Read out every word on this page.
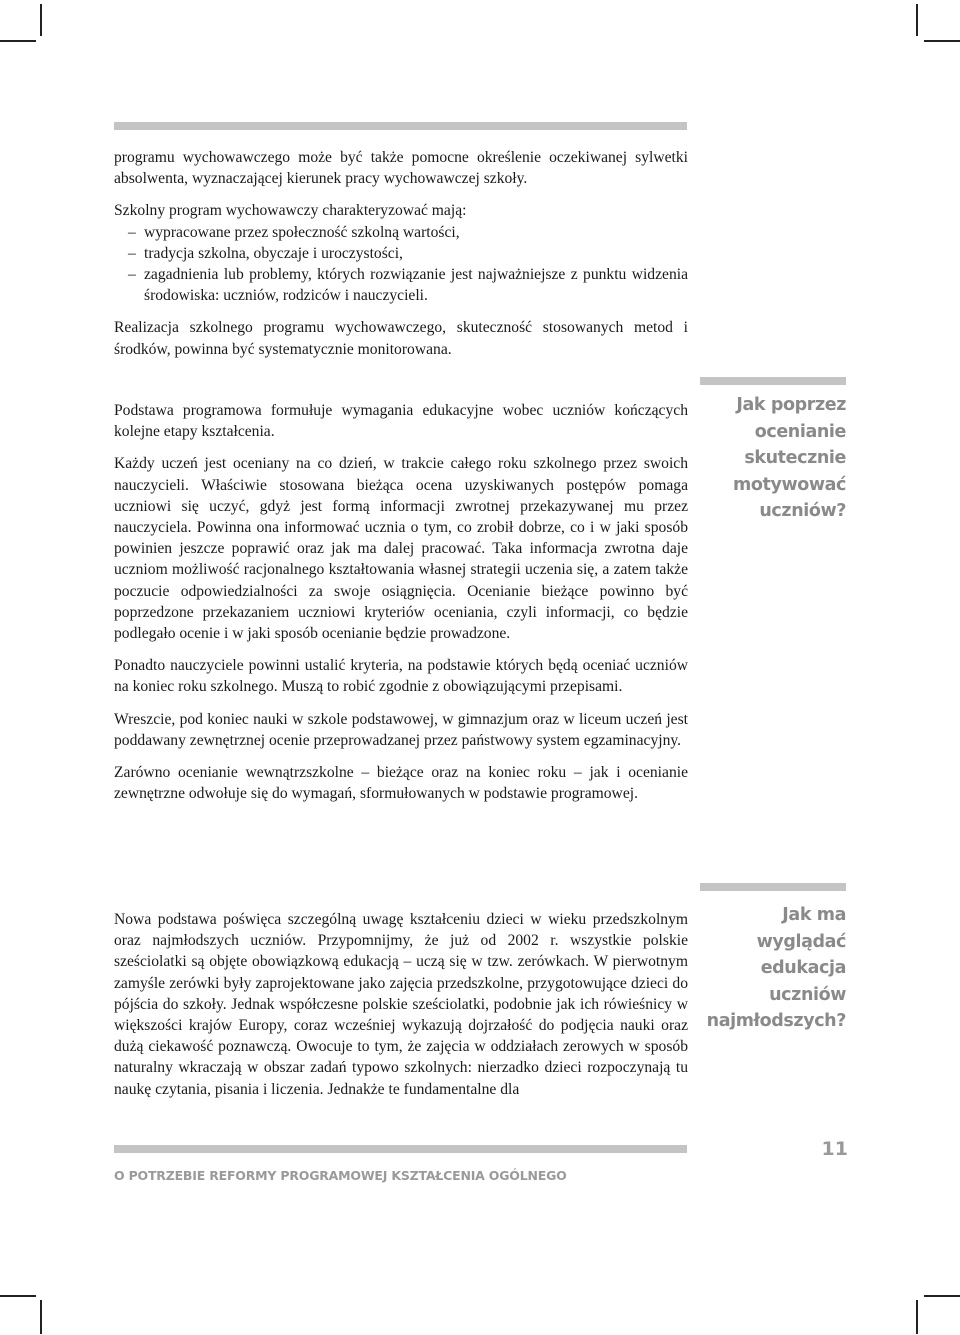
programu wychowawczego może być także pomocne określenie oczekiwanej sylwetki absolwenta, wyznaczającej kierunek pracy wychowawczej szkoły.

Szkolny program wychowawczy charakteryzować mają:
– wypracowane przez społeczność szkolną wartości,
– tradycja szkolna, obyczaje i uroczystości,
– zagadnienia lub problemy, których rozwiązanie jest najważniejsze z punktu widzenia środowiska: uczniów, rodziców i nauczycieli.

Realizacja szkolnego programu wychowawczego, skuteczność stosowanych metod i środków, powinna być systematycznie monitorowana.

Jak poprzez ocenianie skutecznie motywować uczniów?

Podstawa programowa formułuje wymagania edukacyjne wobec uczniów kończących kolejne etapy kształcenia.

Każdy uczeń jest oceniany na co dzień, w trakcie całego roku szkolnego przez swoich nauczycieli. Właściwie stosowana bieżąca ocena uzyskiwanych postępów pomaga uczniowi się uczyć, gdyż jest formą informacji zwrotnej przekazywanej mu przez nauczyciela. Powinna ona informować ucznia o tym, co zrobił dobrze, co i w jaki sposób powinien jeszcze poprawić oraz jak ma dalej pracować. Taka informacja zwrotna daje uczniom możliwość racjonalnego kształtowania własnej strategii uczenia się, a zatem także poczucie odpowiedzialności za swoje osiągnięcia. Ocenianie bieżące powinno być poprzedzone przekazaniem uczniowi kryteriów oceniania, czyli informacji, co będzie podlegało ocenie i w jaki sposób ocenianie będzie prowadzone.

Ponadto nauczyciele powinni ustalić kryteria, na podstawie których będą oceniać uczniów na koniec roku szkolnego. Muszą to robić zgodnie z obowiązującymi przepisami.

Wreszcie, pod koniec nauki w szkole podstawowej, w gimnazjum oraz w liceum uczeń jest poddawany zewnętrznej ocenie przeprowadzanej przez państwowy system egzaminacyjny.

Zarówno ocenianie wewnątrzszkolne – bieżące oraz na koniec roku – jak i ocenianie zewnętrzne odwołuje się do wymagań, sformułowanych w podstawie programowej.

Jak ma wyglądać edukacja uczniów najmłodszych?

Nowa podstawa poświęca szczególną uwagę kształceniu dzieci w wieku przedszkolnym oraz najmłodszych uczniów. Przypomnijmy, że już od 2002 r. wszystkie polskie sześciolatki są objęte obowiązkową edukacją – uczą się w tzw. zerówkach. W pierwotnym zamyśle zerówki były zaprojektowane jako zajęcia przedszkolne, przygotowujące dzieci do pójścia do szkoły. Jednak współczesne polskie sześciolatki, podobnie jak ich rówieśnicy w większości krajów Europy, coraz wcześniej wykazują dojrzałość do podjęcia nauki oraz dużą ciekawość poznawczą. Owocuje to tym, że zajęcia w oddziałach zerowych w sposób naturalny wkraczają w obszar zadań typowo szkolnych: nierzadko dzieci rozpoczynają tu naukę czytania, pisania i liczenia. Jednakże te fundamentalne dla

O POTRZEBIE REFORMY PROGRAMOWEJ KSZTAŁCENIA OGÓLNEGO
11
